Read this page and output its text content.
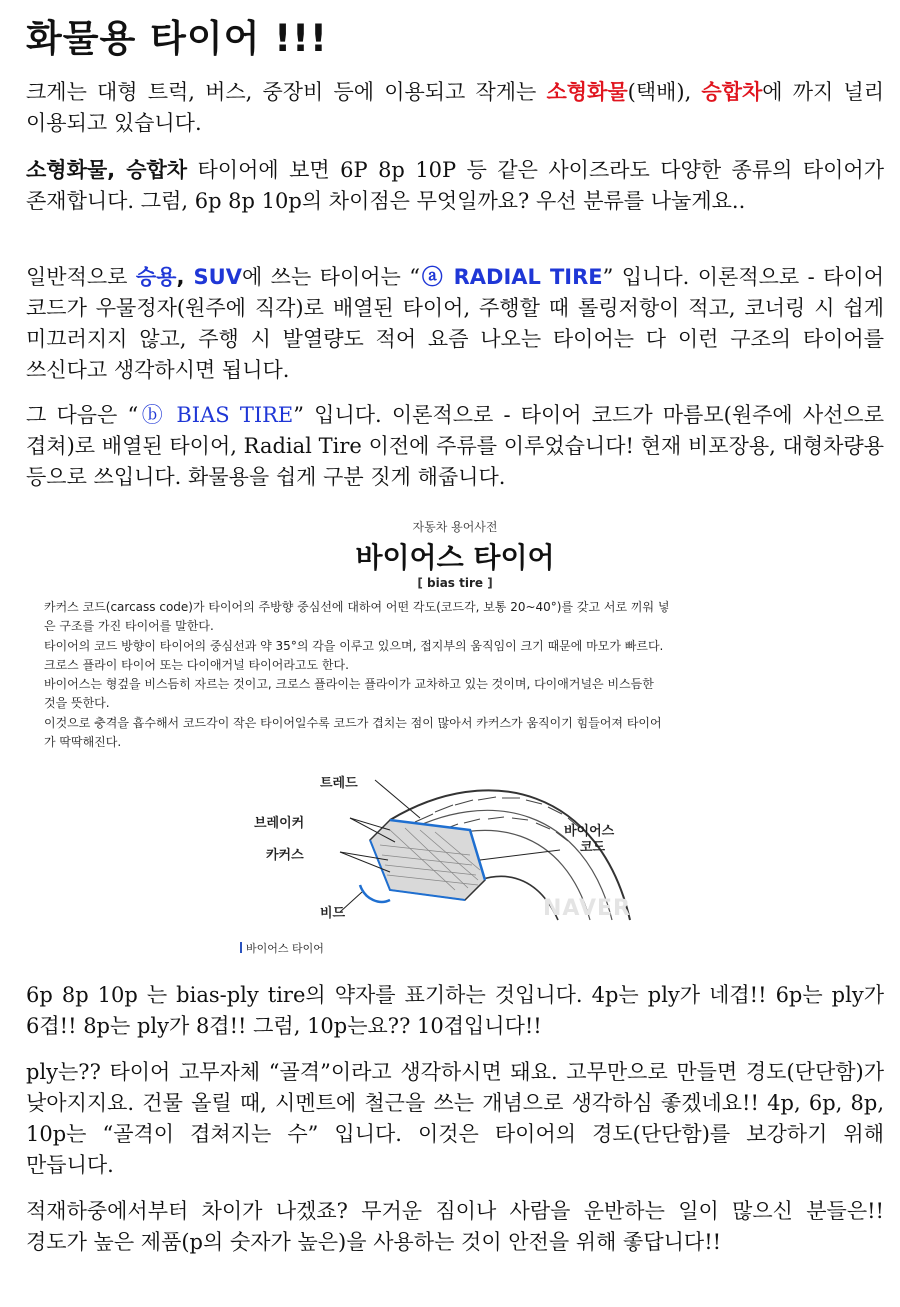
화물용 타이어 !!!

크게는 대형 트럭, 버스, 중장비 등에 이용되고 작게는 소형화물(택배), 승합차에 까지 널리 이용되고 있습니다.

소형화물, 승합차 타이어에 보면 6P 8p 10P 등 같은 사이즈라도 다양한 종류의 타이어가 존재합니다. 그럼, 6p 8p 10p의 차이점은 무엇일까요? 우선 분류를 나눌게요..

일반적으로 승용, SUV에 쓰는 타이어는 “ⓐ RADIAL TIRE” 입니다. 이론적으로 - 타이어 코드가 우물정자(원주에 직각)로 배열된 타이어, 주행할 때 롤링저항이 적고, 코너링 시 쉽게 미끄러지지 않고, 주행 시 발열량도 적어 요즘 나오는 타이어는 다 이런 구조의 타이어를 쓰신다고 생각하시면 됩니다.

그 다음은 “ⓑ BIAS TIRE” 입니다. 이론적으로 - 타이어 코드가 마름모(원주에 사선으로 겹쳐)로 배열된 타이어, Radial Tire 이전에 주류를 이루었습니다! 현재 비포장용, 대형차량용 등으로 쓰입니다. 화물용을 쉽게 구분 짓게 해줍니다.

자동차 용어사전
바이어스 타이어
[ bias tire ]
카커스 코드(carcass code)가 타이어의 주방향 중심선에 대하여 어떤 각도(코드각, 보통 20~40°)를 갖고 서로 끼워 넣
은 구조를 가진 타이어를 말한다.
타이어의 코드 방향이 타이어의 중심선과 약 35°의 각을 이루고 있으며, 접지부의 움직임이 크기 때문에 마모가 빠르다.
크로스 플라이 타이어 또는 다이애거널 타이어라고도 한다.
바이어스는 형겊을 비스듬히 자르는 것이고, 크로스 플라이는 플라이가 교차하고 있는 것이며, 다이애거널은 비스듬한
것을 뜻한다.
이것으로 충격을 흡수해서 코드각이 작은 타이어일수록 코드가 겹치는 점이 많아서 카커스가 움직이기 힘들어져 타이어
가 딱딱해진다.
트레드
브레이커
카커스
비드
바이어스
코드
NAVER
바이어스 타이어

6p 8p 10p 는 bias-ply tire의 약자를 표기하는 것입니다. 4p는 ply가 네겹!! 6p는 ply가 6겹!! 8p는 ply가 8겹!! 그럼, 10p는요?? 10겹입니다!!

ply는?? 타이어 고무자체 “골격”이라고 생각하시면 돼요. 고무만으로 만들면 경도(단단함)가 낮아지지요. 건물 올릴 때, 시멘트에 철근을 쓰는 개념으로 생각하심 좋겠네요!! 4p, 6p, 8p, 10p는 “골격이 겹쳐지는 수” 입니다. 이것은 타이어의 경도(단단함)를 보강하기 위해 만듭니다.

적재하중에서부터 차이가 나겠죠? 무거운 짐이나 사람을 운반하는 일이 많으신 분들은!! 경도가 높은 제품(p의 숫자가 높은)을 사용하는 것이 안전을 위해 좋답니다!!
